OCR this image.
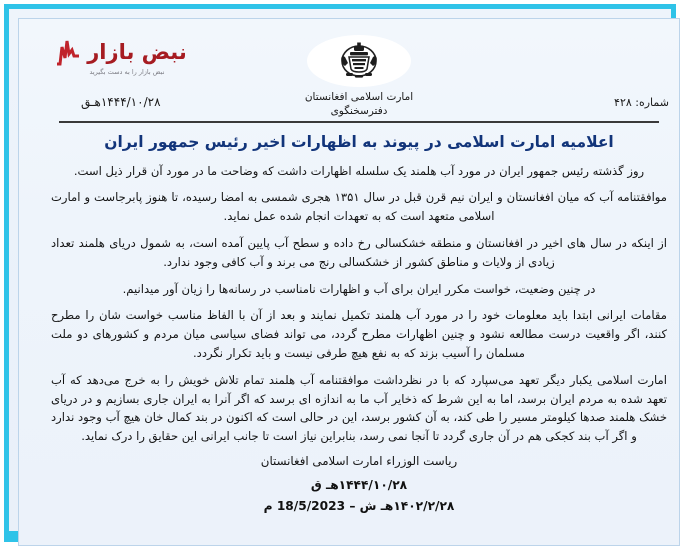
نبض بازار
نبض بازار را به دست بگیرید
امارت اسلامی افغانستان
دفترسخنگوی
شماره: ۴۲۸
۱۴۴۴/۱۰/۲۸هـق
اعلامیه امارت اسلامی در پیوند به اظهارات اخیر رئیس جمهور ایران

روز گذشته رئیس جمهور ایران در مورد آب هلمند یک سلسله اظهارات داشت که وضاحت ما در مورد آن قرار ذیل است.

موافقتنامه آب که میان افغانستان و ایران نیم قرن قبل در سال ۱۳۵۱ هجری شمسی به امضا رسیده، تا هنوز پابرجاست و امارت اسلامی متعهد است که به تعهدات انجام شده عمل نماید.

از اینکه در سال های اخیر در افغانستان و منطقه خشکسالی رخ داده و سطح آب پایین آمده است، به شمول دریای هلمند تعداد زیادی از ولایات و مناطق کشور از خشکسالی رنج می برند و آب کافی وجود ندارد.

در چنین وضعیت، خواست مکرر ایران برای آب و اظهارات نامناسب در رسانه‌ها را زیان آور میدانیم.

مقامات ایرانی ابتدا باید معلومات خود را در مورد آب هلمند تکمیل نمایند و بعد از آن با الفاظ مناسب خواست شان را مطرح کنند، اگر واقعیت درست مطالعه نشود و چنین اظهارات مطرح گردد، می تواند فضای سیاسی میان مردم و کشورهای دو ملت مسلمان را آسیب بزند که به نفع هیچ طرفی نیست و باید تکرار نگردد.

امارت اسلامی یکبار دیگر تعهد می‌سپارد که با در نظرداشت موافقتنامه آب هلمند تمام تلاش خویش را به خرج می‌دهد که آب تعهد شده به مردم ایران برسد، اما به این شرط که ذخایر آب ما به اندازه ای برسد که اگر آنرا به ایران جاری بسازیم و در دریای خشک هلمند صدها کیلومتر مسیر را طی کند، به آن کشور برسد، این در حالی است که اکنون در بند کمال خان هیچ آب وجود ندارد و اگر آب بند کجکی هم در آن جاری گردد تا آنجا نمی رسد، بنابراین نیاز است تا جانب ایرانی این حقایق را درک نماید.

ریاست الوزراء امارت اسلامی افغانستان
۱۴۴۴/۱۰/۲۸هـ ق
۱۴۰۲/۲/۲۸هـ ش – 18/5/2023 م
